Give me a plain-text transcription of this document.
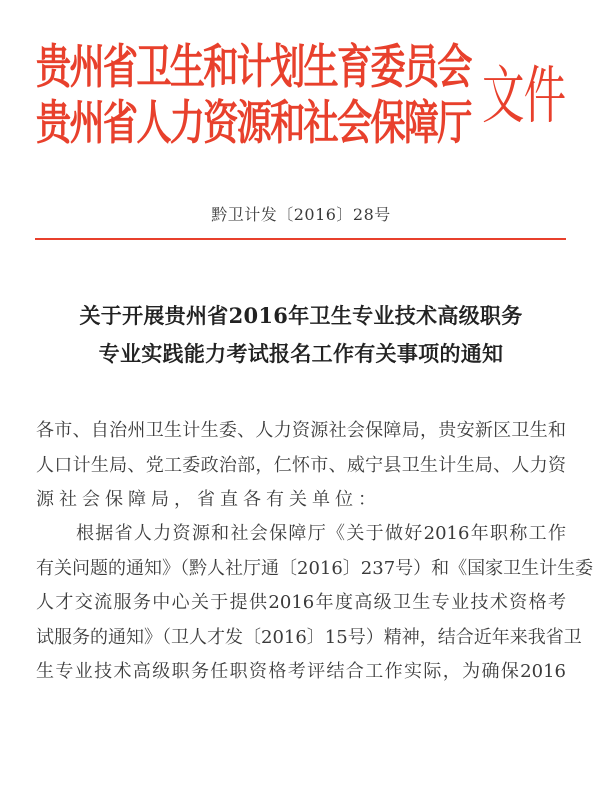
贵州省卫生和计划生育委员会
贵州省人力资源和社会保障厅 文件
黔卫计发〔2016〕28号
关于开展贵州省2016年卫生专业技术高级职务
专业实践能力考试报名工作有关事项的通知
各市、自治州卫生计生委、人力资源社会保障局，贵安新区卫生和
人口计生局、党工委政治部，仁怀市、威宁县卫生计生局、人力资
源社会保障局，省直各有关单位：
根据省人力资源和社会保障厅《关于做好2016年职称工作
有关问题的通知》（黔人社厅通〔2016〕237号）和《国家卫生计生委
人才交流服务中心关于提供2016年度高级卫生专业技术资格考
试服务的通知》（卫人才发〔2016〕15号）精神，结合近年来我省卫
生专业技术高级职务任职资格考评结合工作实际，为确保2016
